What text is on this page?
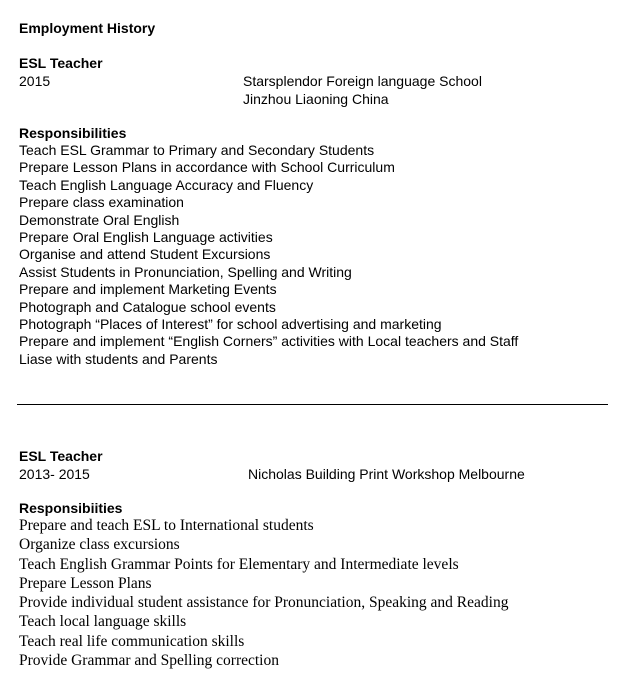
Employment History
ESL Teacher
2015	Starsplendor Foreign language School
Jinzhou Liaoning China
Responsibilities
Teach ESL Grammar to Primary and Secondary Students
Prepare Lesson Plans in accordance with School Curriculum
Teach English Language Accuracy and Fluency
Prepare class examination
Demonstrate Oral English
Prepare Oral English Language activities
Organise and attend Student Excursions
Assist Students in Pronunciation, Spelling and Writing
Prepare and implement Marketing Events
Photograph and Catalogue school events
Photograph “Places of Interest” for school advertising and marketing
Prepare and implement “English Corners” activities with Local teachers and Staff
Liase with students and Parents
ESL Teacher
2013- 2015	Nicholas Building Print Workshop Melbourne
Responsibiities
Prepare and teach ESL to International students
Organize class excursions
Teach English Grammar Points for Elementary and Intermediate levels
Prepare Lesson Plans
Provide individual student assistance for Pronunciation, Speaking and Reading
Teach local language skills
Teach real life communication skills
Provide Grammar and Spelling correction
